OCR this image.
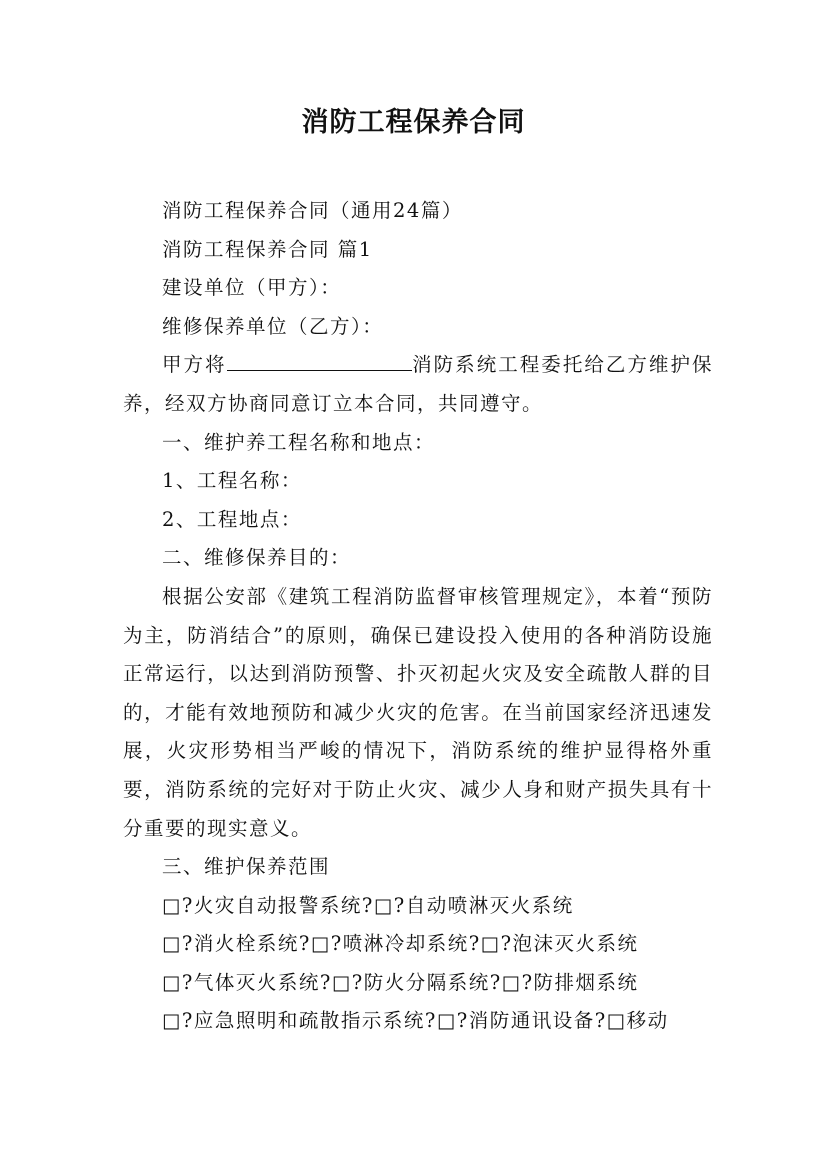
消防工程保养合同

消防工程保养合同（通用24篇）

消防工程保养合同 篇1

建设单位（甲方）：

维修保养单位（乙方）：

甲方将	消防系统工程委托给乙方维护保养，经双方协商同意订立本合同，共同遵守。

一、维护养工程名称和地点：

1、工程名称：

2、工程地点：

二、维修保养目的：

根据公安部《建筑工程消防监督审核管理规定》，本着“预防为主，防消结合”的原则，确保已建设投入使用的各种消防设施正常运行，以达到消防预警、扑灭初起火灾及安全疏散人群的目的，才能有效地预防和减少火灾的危害。在当前国家经济迅速发展，火灾形势相当严峻的情况下，消防系统的维护显得格外重要，消防系统的完好对于防止火灾、减少人身和财产损失具有十分重要的现实意义。

三、维护保养范围

□?火灾自动报警系统?□?自动喷淋灭火系统

□?消火栓系统?□?喷淋冷却系统?□?泡沫灭火系统

□?气体灭火系统?□?防火分隔系统?□?防排烟系统

□?应急照明和疏散指示系统?□?消防通讯设备?□移动
